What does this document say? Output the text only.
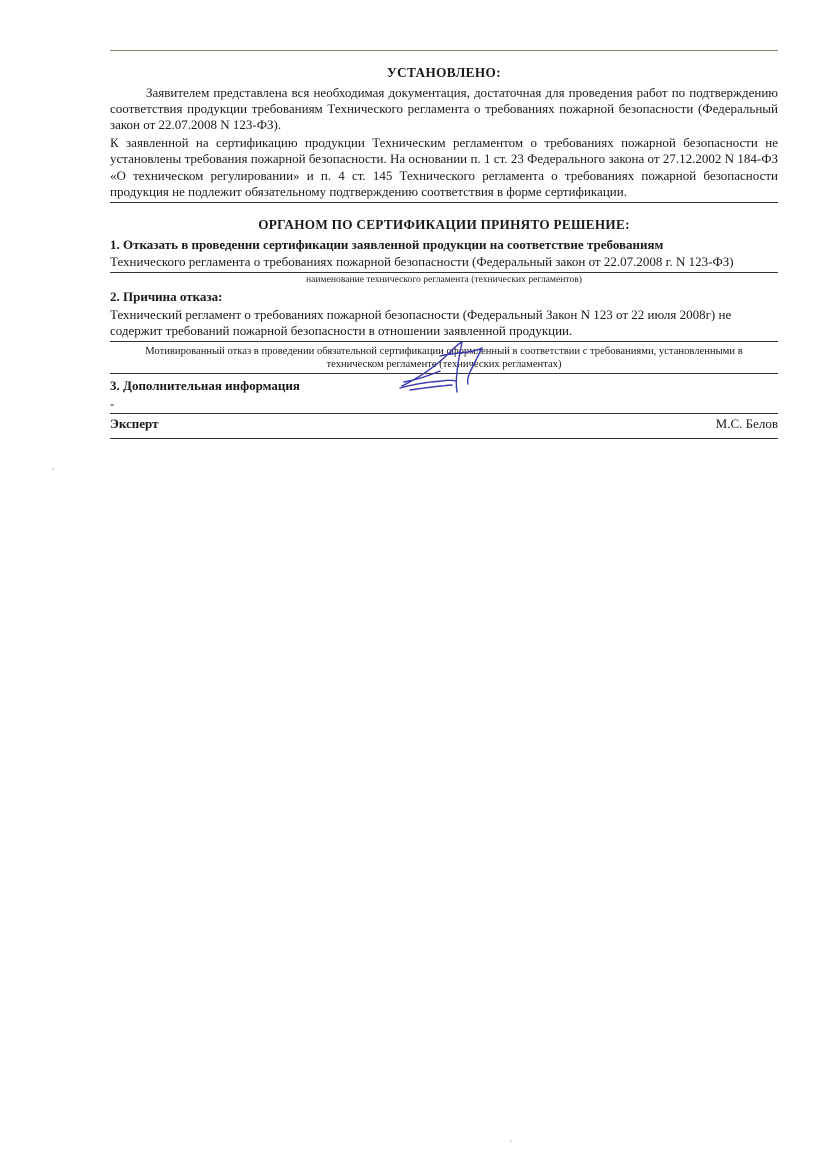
УСТАНОВЛЕНО:

Заявителем представлена вся необходимая документация, достаточная для проведения работ по подтверждению соответствия продукции требованиям Технического регламента о требованиях пожарной безопасности (Федеральный закон от 22.07.2008 N 123-ФЗ).

К заявленной на сертификацию продукции Техническим регламентом о требованиях пожарной безопасности не установлены требования пожарной безопасности. На основании п. 1 ст. 23 Федерального закона от 27.12.2002 N 184-ФЗ «О техническом регулировании» и п. 4 ст. 145 Технического регламента о требованиях пожарной безопасности продукция не подлежит обязательному подтверждению соответствия в форме сертификации.

ОРГАНОМ ПО СЕРТИФИКАЦИИ ПРИНЯТО РЕШЕНИЕ:
1. Отказать в проведенни сертификации заявленной продукции на соответствие требованиям
Технического регламента о требованиях пожарной безопасности (Федеральный закон от 22.07.2008 г. N 123-ФЗ)
наименование технического регламента (технических регламентов)
2. Причина отказа:
Технический регламент о требованиях пожарной безопасности (Федеральный Закон N 123 от 22 июля 2008г) не содержит требований пожарной безопасности в отношении заявленной продукции.
Мотивированный отказ в проведении обязательной сертификации оформленный в соответствии с требованиями, установленными в техническом регламенте (технических регламентах)
3. Дополнительная информация
-
Эксперт	М.С. Белов
